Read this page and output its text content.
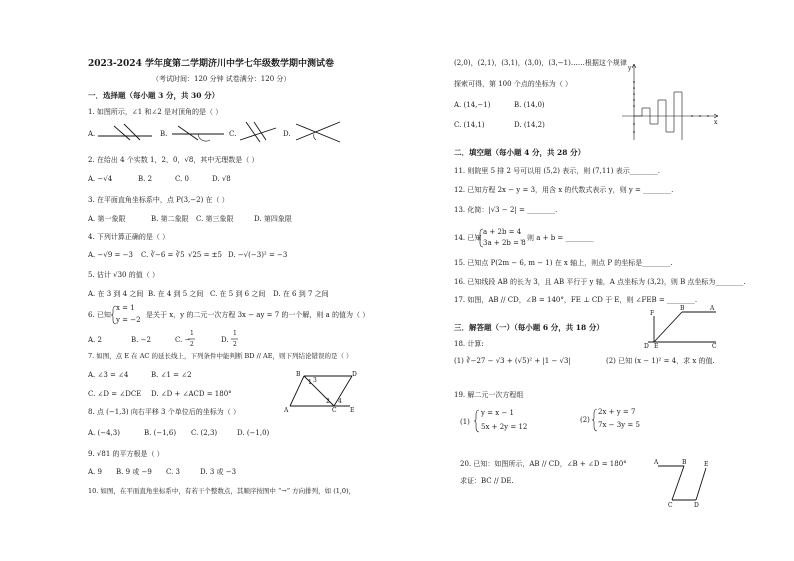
2023-2024 学年度第二学期济川中学七年级数学期中测试卷
（考试时间：120 分钟 试卷满分：120 分）
一．选择题（每小题 3 分，共 30 分）
1. 如图所示，∠1 和∠2 是对顶角的是（ ）
A.	B.	C.	D.
2. 在给出 4 个实数 1，2，0，√8，其中无理数是（ ）
A. −√4	B. 2	C. 0	D. √8
3. 在平面直角坐标系中，点 P(3,−2) 在（ ）
A. 第一象限	B. 第二象限 C. 第三象限	D. 第四象限
4. 下列计算正确的是（ ）
A. −√9 = −3 C. ∛−6 = ∛5 √25 = ±5 D. −√(−3)² = −3
5. 估计 √30 的值（ ）
A. 在 3 到 4 之间 B. 在 4 到 5 之间 C. 在 5 到 6 之间 D. 在 6 到 7 之间
6. 已知
x = 1
y = −2
是关于 x，y 的二元一次方程 3x − ay = 7 的一个解，则 a 的值为（ ）
A. 2	B. −2	C. −
1
2
D.
1
2
7. 如图，点 E 在 AC 的延长线上，下列条件中能判断 BD // AE，则下列结论错误的是（ ）
A. ∠3 = ∠4	B. ∠1 = ∠2
C. ∠D = ∠DCE D. ∠D + ∠ACD = 180°
B	D
A	C E
1
2
3
4
8. 点 (−1,3) 向右平移 3 个单位后的坐标为（ ）
A. (−4,3)	B. (−1,6) C. (2,3)	D. (−1,0)
9. √81 的平方根是（ ）
A. 9 B. 9 或 −9 C. 3	D. 3 或 −3
10. 如图，在平面直角坐标系中，有若干个整数点，其顺序按图中 “→” 方向排列，如 (1,0)，
(2,0)，(2,1)，(3,1)，(3,0)，(3,−1)……根据这个规律
探索可得，第 100 个点的坐标为（ ）
A. (14,−1)	B. (14,0)
C. (14,1)	D. (14,2)
y
x
二．填空题（每小题 4 分，共 28 分）
11. 则院里 5 排 2 号可以用 (5,2) 表示，则 (7,11) 表示________.
12. 已知方程 2x − y = 3，用含 x 的代数式表示 y，则 y = ________.
13. 化简：|√3 − 2| = ________.
14. 已知
a + 2b = 4
3a + 2b = 8
，则 a + b = ________
15. 已知点 P(2m − 6, m − 1) 在 x 轴上，则点 P 的坐标是________.
16. 已知线段 AB 的长为 3，且 AB 平行于 y 轴，A 点坐标为 (3,2)，则 B 点坐标为________.
17. 如图，AB // CD，∠B = 140°，FE ⊥ CD 于 E，则 ∠FEB = ________.
F
B	A
D E	C
三．解答题（一）（每小题 6 分，共 18 分）
18. 计算:
(1) ∛−27 − √3 + (√5)² + |1 − √3|	(2) 已知 (x − 1)² = 4，求 x 的值.
19. 解二元一次方程组
(1)
y = x − 1
5x + 2y = 12
(2)
2x + y = 7
7x − 3y = 5
20. 已知：如图所示，AB // CD，∠B + ∠D = 180°
求证：BC // DE.
A	B	E
C	D
